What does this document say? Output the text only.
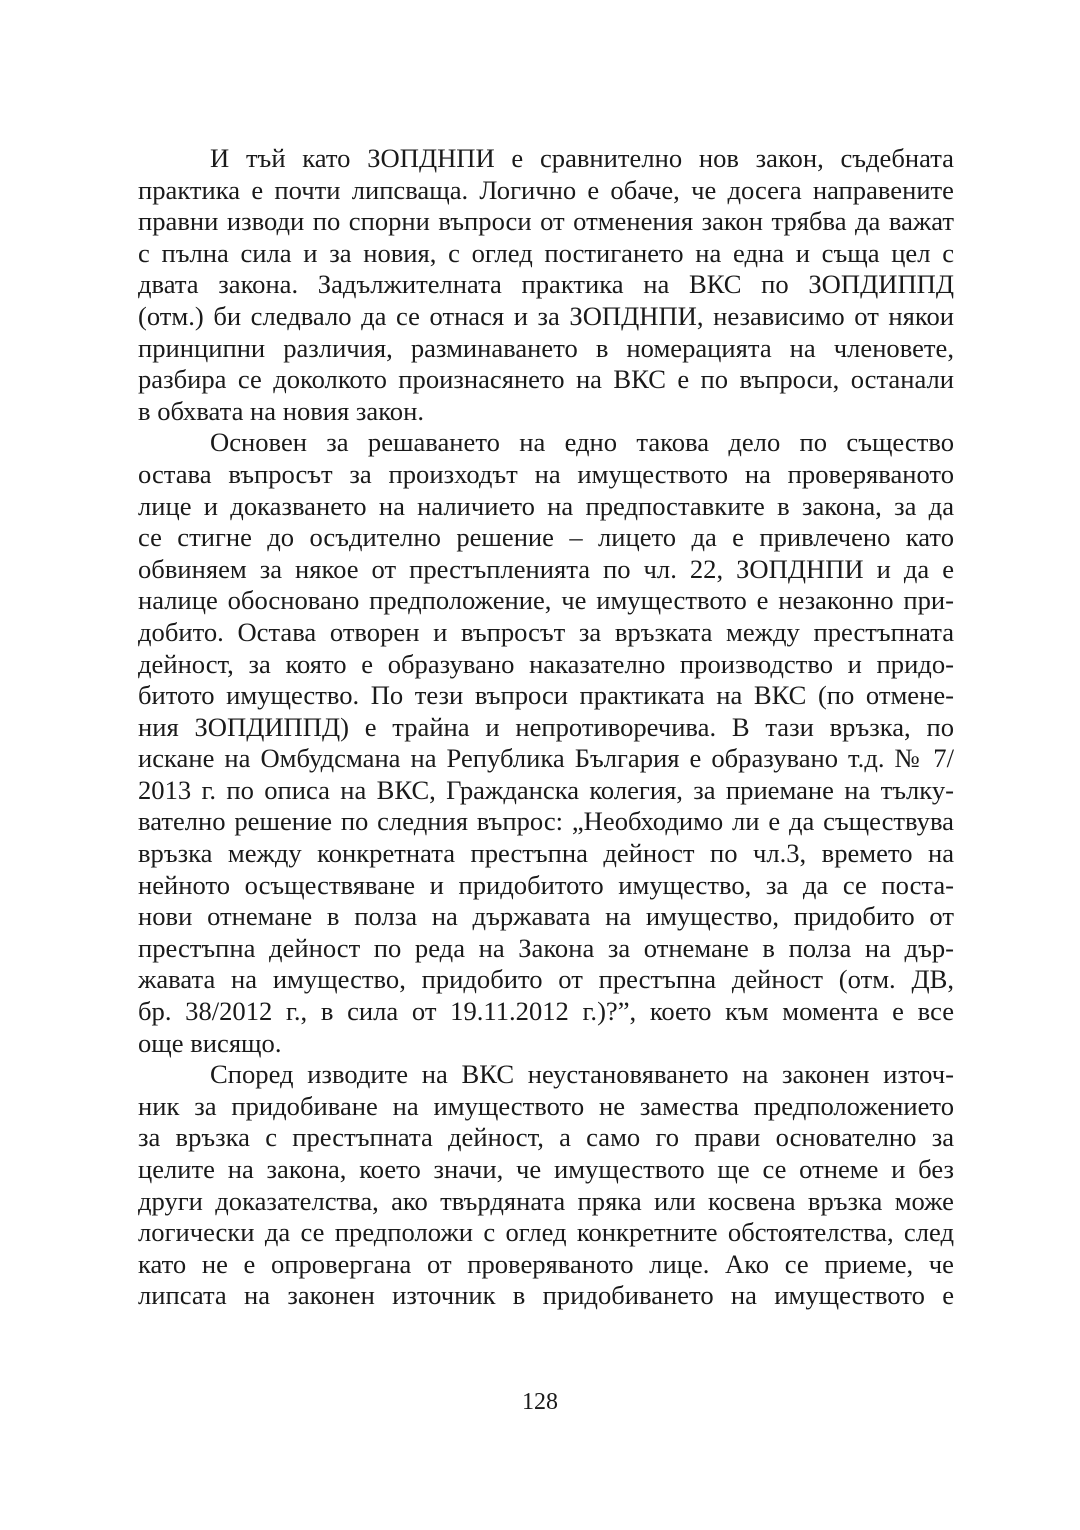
И тъй като ЗОПДНПИ е сравнително нов закон, съдебната
практика е почти липсваща. Логично е обаче, че досега направените
правни изводи по спорни въпроси от отменения закон трябва да важат
с пълна сила и за новия, с оглед постигането на една и съща цел с
двата закона. Задължителната практика на ВКС по ЗОПДИППД
(отм.) би следвало да се отнася и за ЗОПДНПИ, независимо от някои
принципни различия, разминаването в номерацията на членовете,
разбира се доколкото произнасянето на ВКС е по въпроси, останали
в обхвата на новия закон.
Основен за решаването на едно такова дело по същество
остава въпросът за произходът на имуществото на проверяваното
лице и доказването на наличието на предпоставките в закона, за да
се стигне до осъдително решение – лицето да е привлечено като
обвиняем за някое от престъпленията по чл. 22, ЗОПДНПИ и да е
налице обосновано предположение, че имуществото е незаконно при-
добито. Остава отворен и въпросът за връзката между престъпната
дейност, за която е образувано наказателно производство и придо-
битото имущество. По тези въпроси практиката на ВКС (по отмене-
ния ЗОПДИППД) е трайна и непротиворечива. В тази връзка, по
искане на Омбудсмана на Република България е образувано т.д. № 7/
2013 г. по описа на ВКС, Гражданска колегия, за приемане на тълку-
вателно решение по следния въпрос: „Необходимо ли е да съществува
връзка между конкретната престъпна дейност по чл.3, времето на
нейното осъществяване и придобитото имущество, за да се поста-
нови отнемане в полза на държавата на имущество, придобито от
престъпна дейност по реда на Закона за отнемане в полза на дър-
жавата на имущество, придобито от престъпна дейност (отм. ДВ,
бр. 38/2012 г., в сила от 19.11.2012 г.)?”, което към момента е все
още висящо.
Според изводите на ВКС неустановяването на законен източ-
ник за придобиване на имуществото не замества предположението
за връзка с престъпната дейност, а само го прави основателно за
целите на закона, което значи, че имуществото ще се отнеме и без
други доказателства, ако твърдяната пряка или косвена връзка може
логически да се предположи с оглед конкретните обстоятелства, след
като не е опровергана от проверяваното лице. Ако се приеме, че
липсата на законен източник в придобиването на имуществото е
128
